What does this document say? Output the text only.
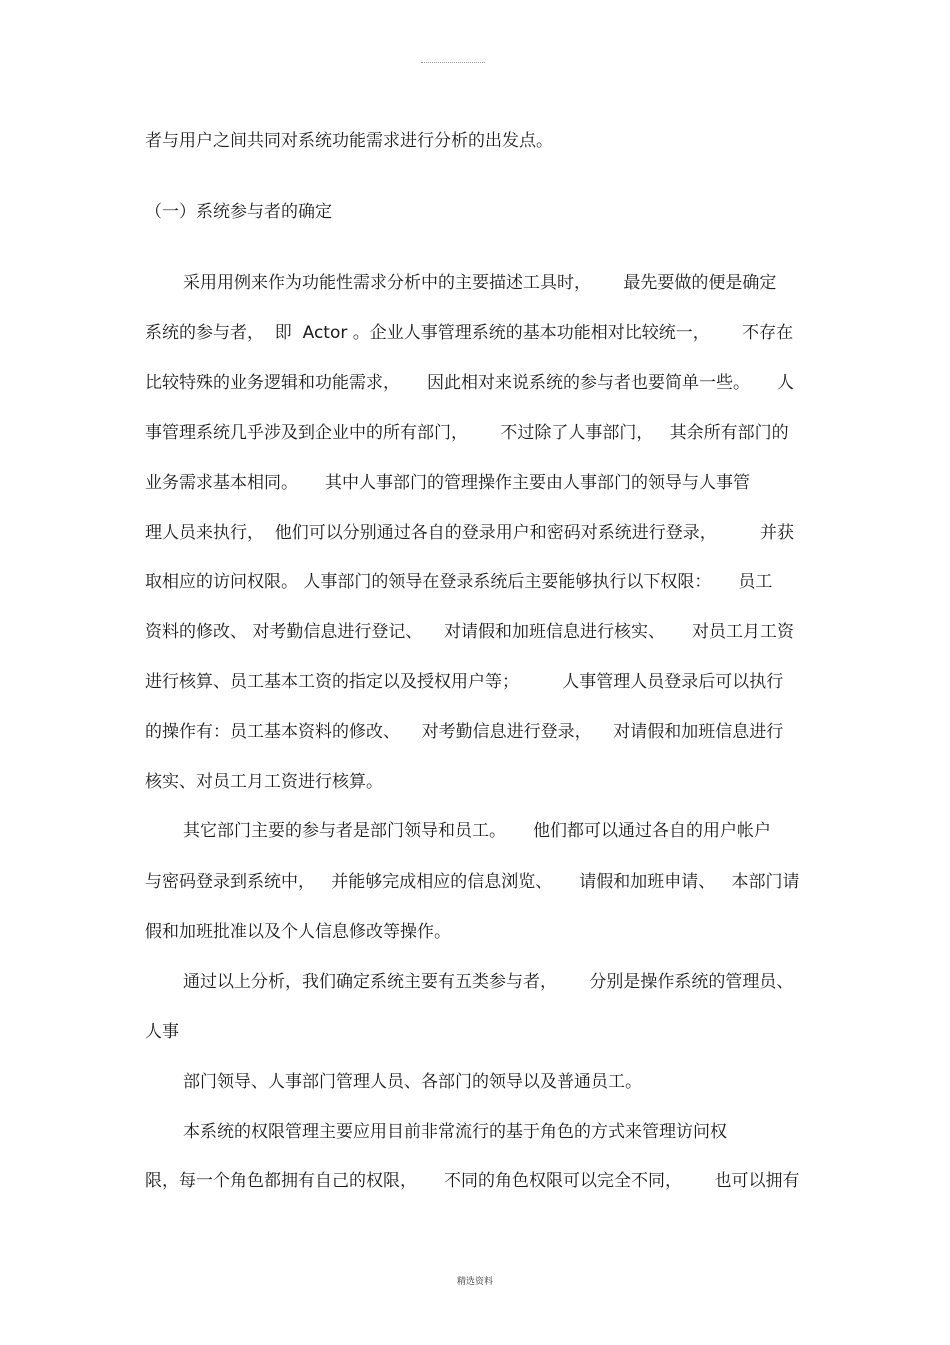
者与用户之间共同对系统功能需求进行分析的出发点。

（一）系统参与者的确定

采用用例来作为功能性需求分析中的主要描述工具时，      最先要做的便是确定

系统的参与者，  即  Actor 。企业人事管理系统的基本功能相对比较统一，      不存在

比较特殊的业务逻辑和功能需求，     因此相对来说系统的参与者也要简单一些。     人

事管理系统几乎涉及到企业中的所有部门，      不过除了人事部门，   其余所有部门的

业务需求基本相同。     其中人事部门的管理操作主要由人事部门的领导与人事管

理人员来执行，  他们可以分别通过各自的登录用户和密码对系统进行登录，        并获

取相应的访问权限。 人事部门的领导在登录系统后主要能够执行以下权限：     员工

资料的修改、 对考勤信息进行登记、    对请假和加班信息进行核实、     对员工月工资

进行核算、员工基本工资的指定以及授权用户等；        人事管理人员登录后可以执行

的操作有：员工基本资料的修改、    对考勤信息进行登录，    对请假和加班信息进行

核实、对员工月工资进行核算。

其它部门主要的参与者是部门领导和员工。     他们都可以通过各自的用户帐户

与密码登录到系统中，   并能够完成相应的信息浏览、     请假和加班申请、   本部门请

假和加班批准以及个人信息修改等操作。

通过以上分析，我们确定系统主要有五类参与者，      分别是操作系统的管理员、

人事

部门领导、人事部门管理人员、各部门的领导以及普通员工。

本系统的权限管理主要应用目前非常流行的基于角色的方式来管理访问权

限，每一个角色都拥有自己的权限，     不同的角色权限可以完全不同，      也可以拥有

精选资料
